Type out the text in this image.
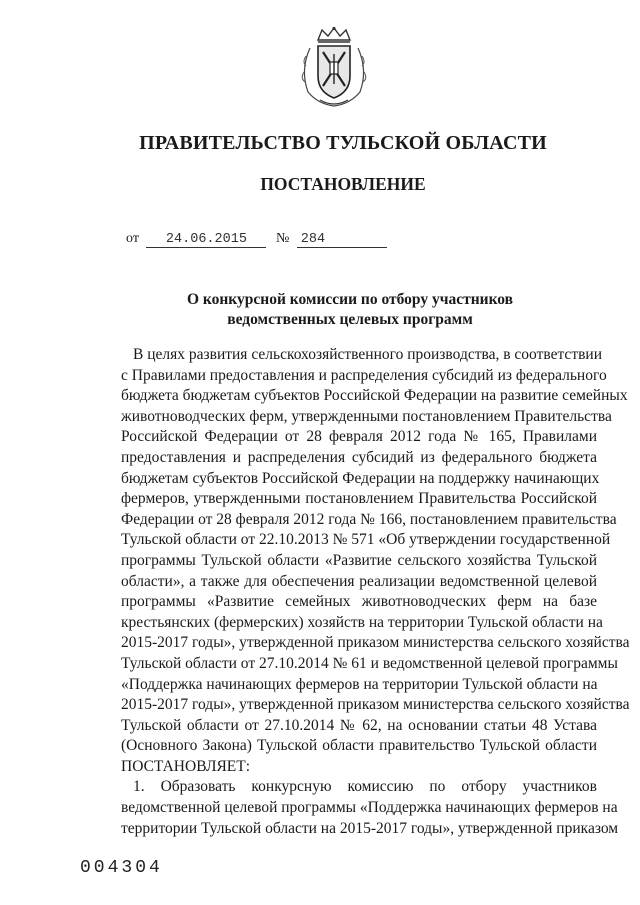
ПРАВИТЕЛЬСТВО ТУЛЬСКОЙ ОБЛАСТИ
ПОСТАНОВЛЕНИЕ
от 24.06.2015 № 284
О конкурсной комиссии по отбору участников
ведомственных целевых программ
В целях развития сельскохозяйственного производства, в соответствии
с Правилами предоставления и распределения субсидий из федерального
бюджета бюджетам субъектов Российской Федерации на развитие семейных
животноводческих ферм, утвержденными постановлением Правительства
Российской Федерации от 28 февраля 2012 года № 165, Правилами
предоставления и распределения субсидий из федерального бюджета
бюджетам субъектов Российской Федерации на поддержку начинающих
фермеров, утвержденными постановлением Правительства Российской
Федерации от 28 февраля 2012 года № 166, постановлением правительства
Тульской области от 22.10.2013 № 571 «Об утверждении государственной
программы Тульской области «Развитие сельского хозяйства Тульской
области», а также для обеспечения реализации ведомственной целевой
программы «Развитие семейных животноводческих ферм на базе
крестьянских (фермерских) хозяйств на территории Тульской области на
2015-2017 годы», утвержденной приказом министерства сельского хозяйства
Тульской области от 27.10.2014 № 61 и ведомственной целевой программы
«Поддержка начинающих фермеров на территории Тульской области на
2015-2017 годы», утвержденной приказом министерства сельского хозяйства
Тульской области от 27.10.2014 № 62, на основании статьи 48 Устава
(Основного Закона) Тульской области правительство Тульской области
ПОСТАНОВЛЯЕТ:
1. Образовать конкурсную комиссию по отбору участников
ведомственной целевой программы «Поддержка начинающих фермеров на
территории Тульской области на 2015-2017 годы», утвержденной приказом
004304
